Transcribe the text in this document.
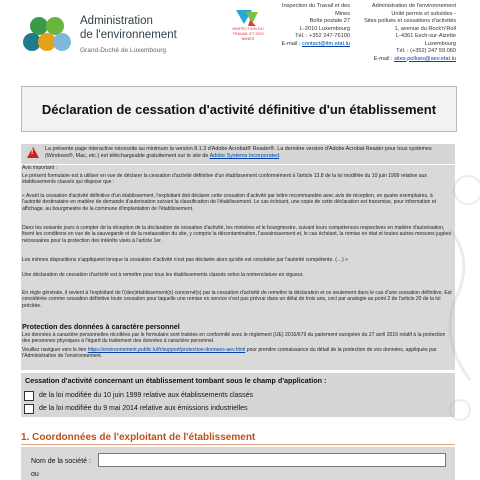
Administration
de l'environnement
Grand-Duché de Luxembourg
INSPECTION DU TRAVAIL ET DES MINES
Inspection du Travail et des Mines
Boîte postale 27
L-2010 Luxembourg
Tél. : +352 247-76100
E-mail : contact@itm.etat.lu
Administration de l'environnement
Unité permis et subsides -
Sites pollués et cessations d'activités
1, avenue du Rock'n'Roll
L-4361 Esch-sur-Alzette
Luxembourg
Tél. : (+352) 247 59 060
E-mail : sites.pollues@aev.etat.lu
Déclaration de cessation d'activité définitive d'un établissement
! La présente page interactive nécessite au minimum la version 8.1.3 d'Adobe Acrobat® Reader®. La dernière version d'Adobe Acrobat Reader pour tous systèmes (Windows®, Mac, etc.) est téléchargeable gratuitement sur le site de Adobe Systems Incorporated.

Avis important :

Le présent formulaire est à utiliser en vue de déclarer la cessation d'activité définitive d'un établissement conformément à l'article 13.8 de la loi modifiée du 10 juin 1999 relative aux établissements classés qui dispose que :

« Avant la cessation d'activité définitive d'un établissement, l'exploitant doit déclarer cette cessation d'activité par lettre recommandée avec avis de réception, en quatre exemplaires, à l'autorité destinataire en matière de demande d'autorisation suivant la classification de l'établissement. Le cas échéant, une copie de cette déclaration est transmise, pour information et affichage, au bourgmestre de la commune d'implantation de l'établissement.

Dans les soixante jours à compter de la réception de la déclaration de cessation d'activité, les ministres et le bourgmestre, suivant leurs compétences respectives en matière d'autorisation, fixent les conditions en vue de la sauvegarde et de la restauration du site, y compris la décontamination, l'assainissement et, le cas échéant, la remise en état et toutes autres mesures jugées nécessaires pour la protection des intérêts visés à l'article 1er.

Les mêmes dispositions s'appliquent lorsque la cessation d'activité n'est pas déclarée alors qu'elle est constatée par l'autorité compétente. (…) »

Une déclaration de cessation d'activité est à remettre pour tous les établissements classés selon la nomenclature en vigueur.

En règle générale, il revient à l'exploitant de l'(des)établissement(s) concerné(s) par la cessation d'activité de remettre la déclaration et ce seulement dans le cas d'une cessation définitive. Est considérée comme cessation définitive toute cessation pour laquelle une remise en service n'est pas prévue dans un délai de trois ans, ceci par analogie au point 2 de l'article 20 de la loi précitée.

Protection des données à caractère personnel

Les données à caractère personnelles récoltées par le formulaire sont traitées en conformité avec le règlement (UE) 2016/679 du parlement européen du 27 avril 2016 relatif à la protection des personnes physiques à l'égard du traitement des données à caractère personnel.

Veuillez naviguer vers le lien https://environnement.public.lu/fr/support/protection-donnees-aev.html pour prendre connaissance du détail de la protection de vos données, appliquée par l'Administration de l'environnement.

Cessation d'activité concernant un établissement tombant sous le champ d'application :
de la loi modifiée du 10 juin 1999 relative aux établissements classés
de la loi modifiée du 9 mai 2014 relative aux émissions industrielles
1. Coordonnées de l'exploitant de l'établissement
Nom de la société :
ou
